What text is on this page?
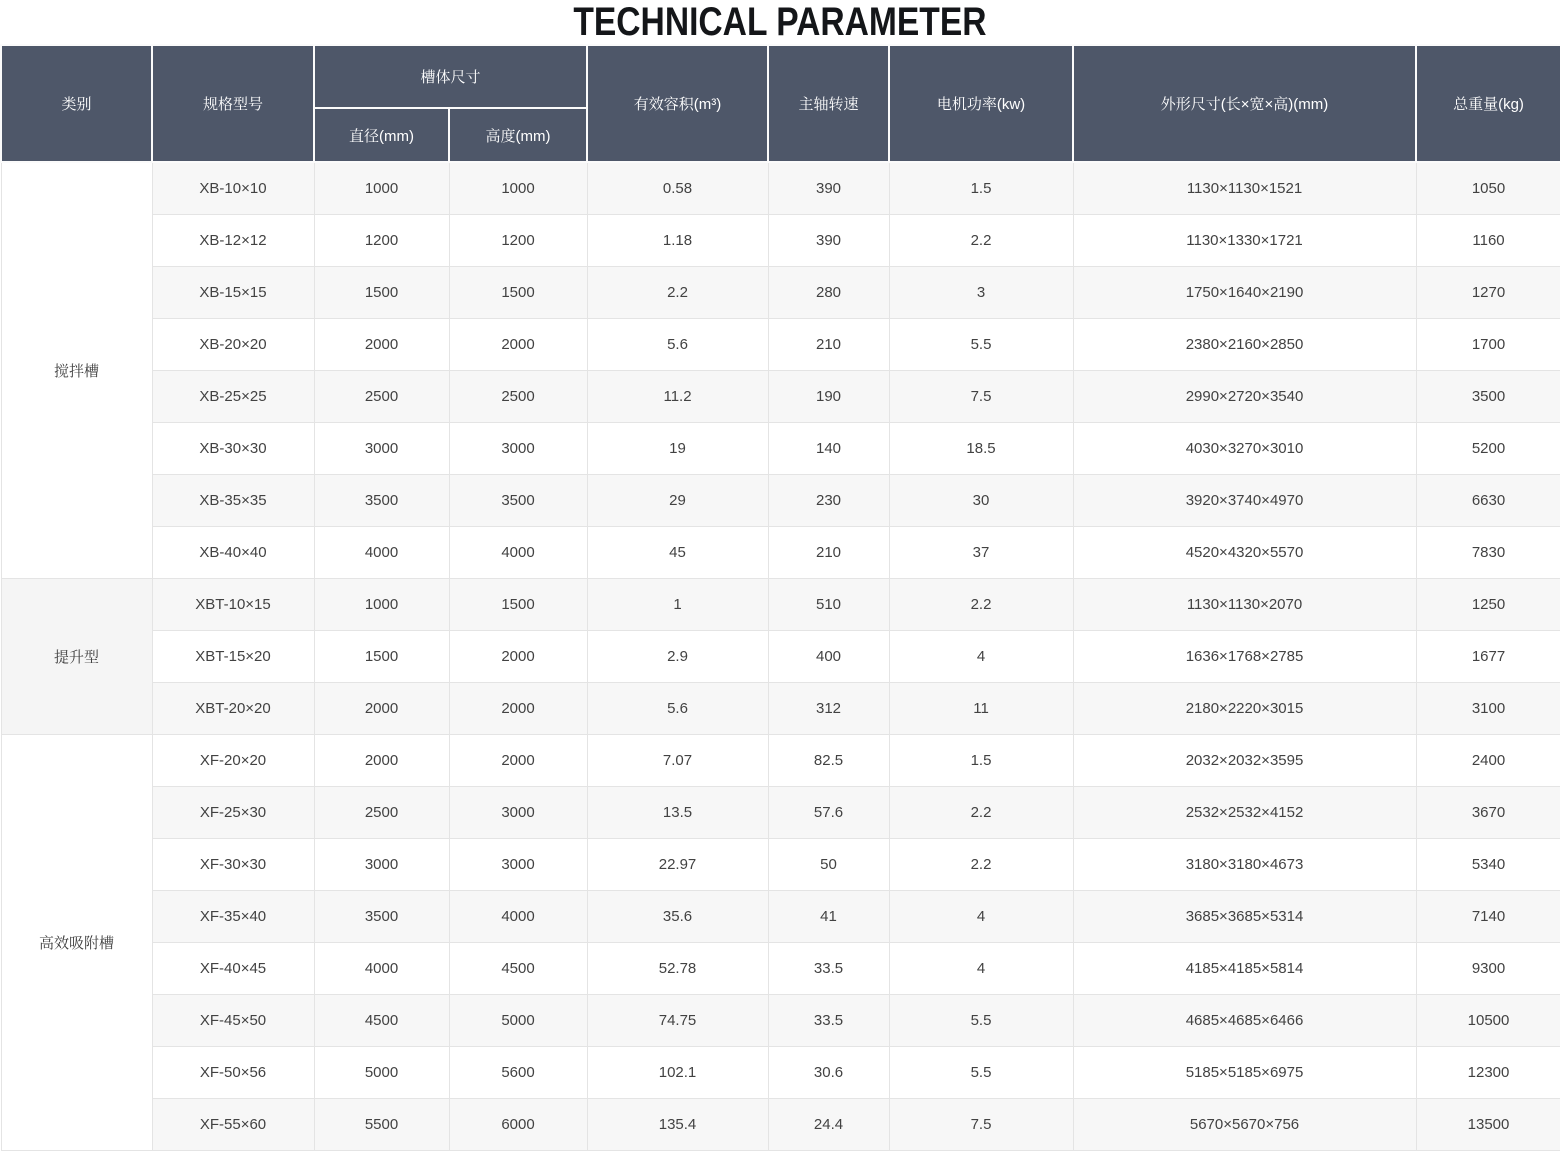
TECHNICAL PARAMETER
类别	规格型号	槽体尺寸		有效容积(m³)	主轴转速	电机功率(kw)	外形尺寸(长×宽×高)(mm)	总重量(kg)
		直径(mm)	高度(mm)					
搅拌槽	XB-10×10	1000	1000	0.58	390	1.5	1130×1130×1521	1050
	XB-12×12	1200	1200	1.18	390	2.2	1130×1330×1721	1160
	XB-15×15	1500	1500	2.2	280	3	1750×1640×2190	1270
	XB-20×20	2000	2000	5.6	210	5.5	2380×2160×2850	1700
	XB-25×25	2500	2500	11.2	190	7.5	2990×2720×3540	3500
	XB-30×30	3000	3000	19	140	18.5	4030×3270×3010	5200
	XB-35×35	3500	3500	29	230	30	3920×3740×4970	6630
	XB-40×40	4000	4000	45	210	37	4520×4320×5570	7830
提升型	XBT-10×15	1000	1500	1	510	2.2	1130×1130×2070	1250
	XBT-15×20	1500	2000	2.9	400	4	1636×1768×2785	1677
	XBT-20×20	2000	2000	5.6	312	11	2180×2220×3015	3100
高效吸附槽	XF-20×20	2000	2000	7.07	82.5	1.5	2032×2032×3595	2400
	XF-25×30	2500	3000	13.5	57.6	2.2	2532×2532×4152	3670
	XF-30×30	3000	3000	22.97	50	2.2	3180×3180×4673	5340
	XF-35×40	3500	4000	35.6	41	4	3685×3685×5314	7140
	XF-40×45	4000	4500	52.78	33.5	4	4185×4185×5814	9300
	XF-45×50	4500	5000	74.75	33.5	5.5	4685×4685×6466	10500
	XF-50×56	5000	5600	102.1	30.6	5.5	5185×5185×6975	12300
	XF-55×60	5500	6000	135.4	24.4	7.5	5670×5670×756	13500
